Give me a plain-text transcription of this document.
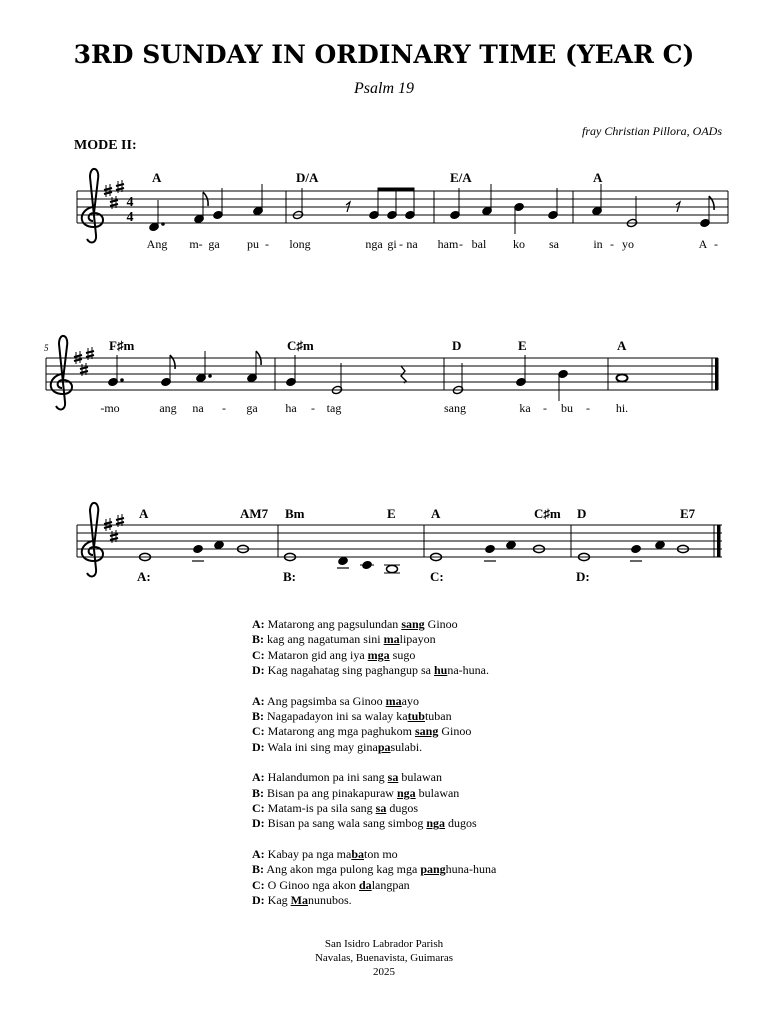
3RD SUNDAY IN ORDINARY TIME (YEAR C)
Psalm 19
fray Christian Pillora, OADs
MODE II:
4
4
A	D/A	E/A	A
Ang m- ga pu - long	nga gi - na ham - bal ko sa	in - yo	A -
5	F♯m	C♯m	D	E	A
-mo	ang na - ga ha - tag	sang	ka - bu - hi.
A	AM7 Bm	E	A	C♯m D	E7
A:	B:	C:	D:
A: Matarong ang pagsulundan sang Ginoo
B: kag ang nagatuman sini malipayon
C: Mataron gid ang iya mga sugo
D: Kag nagahatag sing paghangup sa huna-huna.
A: Ang pagsimba sa Ginoo maayo
B: Nagapadayon ini sa walay katubtuban
C: Matarong ang mga paghukom sang Ginoo
D: Wala ini sing may ginapasulabi.
A: Halandumon pa ini sang sa bulawan
B: Bisan pa ang pinakapuraw nga bulawan
C: Matam-is pa sila sang sa dugos
D: Bisan pa sang wala sang simbog nga dugos
A: Kabay pa nga mabaton mo
B: Ang akon mga pulong kag mga panghuna-huna
C: O Ginoo nga akon dalangpan
D: Kag Manunubos.
San Isidro Labrador Parish
Navalas, Buenavista, Guimaras
2025
